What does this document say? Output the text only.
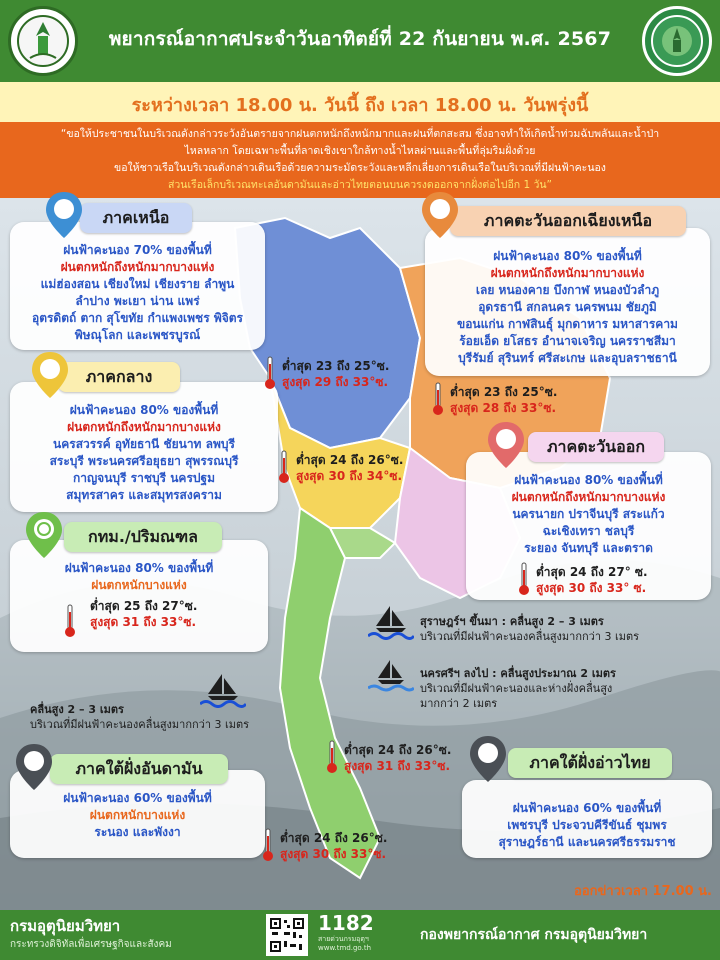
พยากรณ์อากาศประจำวันอาทิตย์ที่ 22 กันยายน พ.ศ. 2567
ระหว่างเวลา 18.00 น. วันนี้ ถึง เวลา 18.00 น. วันพรุ่งนี้

“ขอให้ประชาชนในบริเวณดังกล่าวระวังอันตรายจากฝนตกหนักถึงหนักมากและฝนที่ตกสะสม ซึ่งอาจทำให้เกิดน้ำท่วมฉับพลันและน้ำป่า

ไหลหลาก โดยเฉพาะพื้นที่ลาดเชิงเขาใกล้ทางน้ำไหลผ่านและพื้นที่ลุ่มริมฝั่งด้วย

ขอให้ชาวเรือในบริเวณดังกล่าวเดินเรือด้วยความระมัดระวังและหลีกเลี่ยงการเดินเรือในบริเวณที่มีฝนฟ้าคะนอง

ส่วนเรือเล็กบริเวณทะเลอันดามันและอ่าวไทยตอนบนควรงดออกจากฝั่งต่อไปอีก 1 วัน”

ฝนฟ้าคะนอง 70% ของพื้นที่
ฝนตกหนักถึงหนักมากบางแห่ง
แม่ฮ่องสอน เชียงใหม่ เชียงราย ลำพูน
ลำปาง พะเยา น่าน แพร่
อุตรดิตถ์ ตาก สุโขทัย กำแพงเพชร พิจิตร
พิษณุโลก และเพชรบูรณ์
ภาคเหนือ
ฝนฟ้าคะนอง 80% ของพื้นที่
ฝนตกหนักถึงหนักมากบางแห่ง
เลย หนองคาย บึงกาฬ หนองบัวลำภู
อุดรธานี สกลนคร นครพนม ชัยภูมิ
ขอนแก่น กาฬสินธุ์ มุกดาหาร มหาสารคาม
ร้อยเอ็ด ยโสธร อำนาจเจริญ นครราชสีมา
บุรีรัมย์ สุรินทร์ ศรีสะเกษ และอุบลราชธานี
ภาคตะวันออกเฉียงเหนือ
ฝนฟ้าคะนอง 80% ของพื้นที่
ฝนตกหนักถึงหนักมากบางแห่ง
นครสวรรค์ อุทัยธานี ชัยนาท ลพบุรี
สระบุรี พระนครศรีอยุธยา สุพรรณบุรี
กาญจนบุรี ราชบุรี นครปฐม
สมุทรสาคร และสมุทรสงคราม
ภาคกลาง
ฝนฟ้าคะนอง 80% ของพื้นที่
ฝนตกหนักถึงหนักมากบางแห่ง
นครนายก ปราจีนบุรี สระแก้ว
ฉะเชิงเทรา ชลบุรี
ระยอง จันทบุรี และตราด
ต่ำสุด 24 ถึง 27° ซ.
สูงสุด 30 ถึง 33° ซ.
ภาคตะวันออก
ฝนฟ้าคะนอง 80% ของพื้นที่
ฝนตกหนักบางแห่ง
ต่ำสุด 25 ถึง 27°ซ.
สูงสุด 31 ถึง 33°ซ.
กทม./ปริมณฑล
ฝนฟ้าคะนอง 60% ของพื้นที่
ฝนตกหนักบางแห่ง
ระนอง และพังงา
ภาคใต้ฝั่งอันดามัน
ฝนฟ้าคะนอง 60% ของพื้นที่
เพชรบุรี ประจวบคีรีขันธ์ ชุมพร
สุราษฎร์ธานี และนครศรีธรรมราช
ภาคใต้ฝั่งอ่าวไทย
ต่ำสุด 23 ถึง 25°ซ.
สูงสุด 29 ถึง 33°ซ.
ต่ำสุด 23 ถึง 25°ซ.
สูงสุด 28 ถึง 33°ซ.
ต่ำสุด 24 ถึง 26°ซ.
สูงสุด 30 ถึง 34°ซ.
ต่ำสุด 24 ถึง 26°ซ.
สูงสุด 31 ถึง 33°ซ.
ต่ำสุด 24 ถึง 26°ซ.
สูงสุด 30 ถึง 33°ซ.
สุราษฎร์ฯ ขึ้นมา : คลื่นสูง 2 – 3 เมตร
บริเวณที่มีฝนฟ้าคะนองคลื่นสูงมากกว่า 3 เมตร
นครศรีฯ ลงไป : คลื่นสูงประมาณ 2 เมตร
บริเวณที่มีฝนฟ้าคะนองและห่างฝั่งคลื่นสูง
มากกว่า 2 เมตร
คลื่นสูง 2 – 3 เมตร
บริเวณที่มีฝนฟ้าคะนองคลื่นสูงมากกว่า 3 เมตร
ออกข่าวเวลา 17.00 น.
กรมอุตุนิยมวิทยา
กระทรวงดิจิทัลเพื่อเศรษฐกิจและสังคม
1182
สายด่วนกรมอุตุฯ
www.tmd.go.th
กองพยากรณ์อากาศ กรมอุตุนิยมวิทยา
